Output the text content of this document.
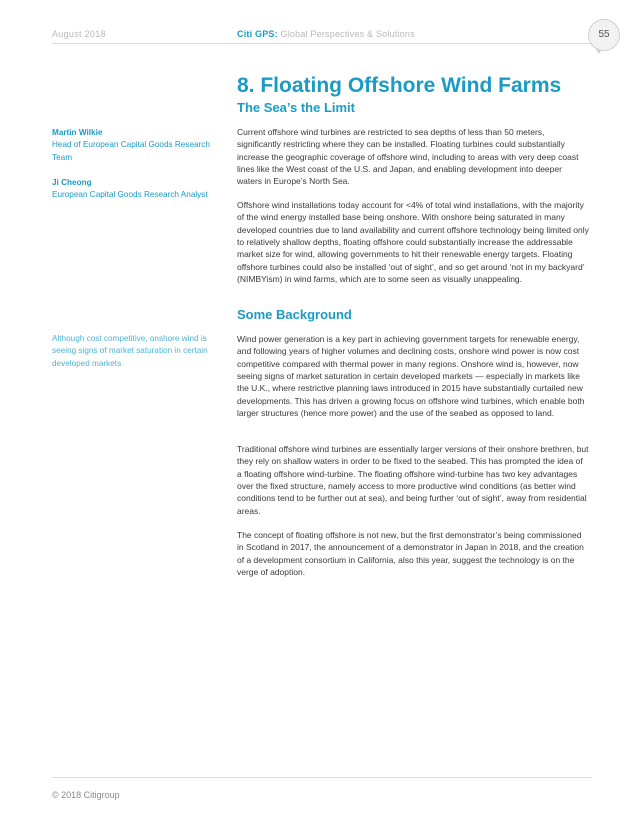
August 2018	Citi GPS: Global Perspectives & Solutions	55
8. Floating Offshore Wind Farms
The Sea’s the Limit
Martin Wilkie
Head of European Capital Goods Research Team
Ji Cheong
European Capital Goods Research Analyst
Although cost competitive, onshore wind is seeing signs of market saturation in certain developed markets

Current offshore wind turbines are restricted to sea depths of less than 50 meters, significantly restricting where they can be installed. Floating turbines could substantially increase the geographic coverage of offshore wind, including to areas with very deep coast lines like the West coast of the U.S. and Japan, and enabling development into deeper waters in Europe’s North Sea.

Offshore wind installations today account for <4% of total wind installations, with the majority of the wind energy installed base being onshore. With onshore being saturated in many developed countries due to land availability and current offshore technology being limited only to relatively shallow depths, floating offshore could substantially increase the addressable market size for wind, allowing governments to hit their renewable energy targets. Floating offshore turbines could also be installed ‘out of sight’, and so get around ‘not in my backyard’ (NIMBYism) in wind farms, which are to some seen as visually unappealing.

Some Background

Wind power generation is a key part in achieving government targets for renewable energy, and following years of higher volumes and declining costs, onshore wind power is now cost competitive compared with thermal power in many regions. Onshore wind is, however, now seeing signs of market saturation in certain developed markets — especially in markets like the U.K., where restrictive planning laws introduced in 2015 have substantially curtailed new developments. This has driven a growing focus on offshore wind turbines, which enable both larger structures (hence more power) and the use of the seabed as opposed to land.

Traditional offshore wind turbines are essentially larger versions of their onshore brethren, but they rely on shallow waters in order to be fixed to the seabed. This has prompted the idea of a floating offshore wind-turbine. The floating offshore wind-turbine has two key advantages over the fixed structure, namely access to more productive wind conditions (as better wind conditions tend to be further out at sea), and being further ‘out of sight’, away from residential areas.

The concept of floating offshore is not new, but the first demonstrator’s being commissioned in Scotland in 2017, the announcement of a demonstrator in Japan in 2018, and the creation of a development consortium in California, also this year, suggest the technology is on the verge of adoption.

© 2018 Citigroup
